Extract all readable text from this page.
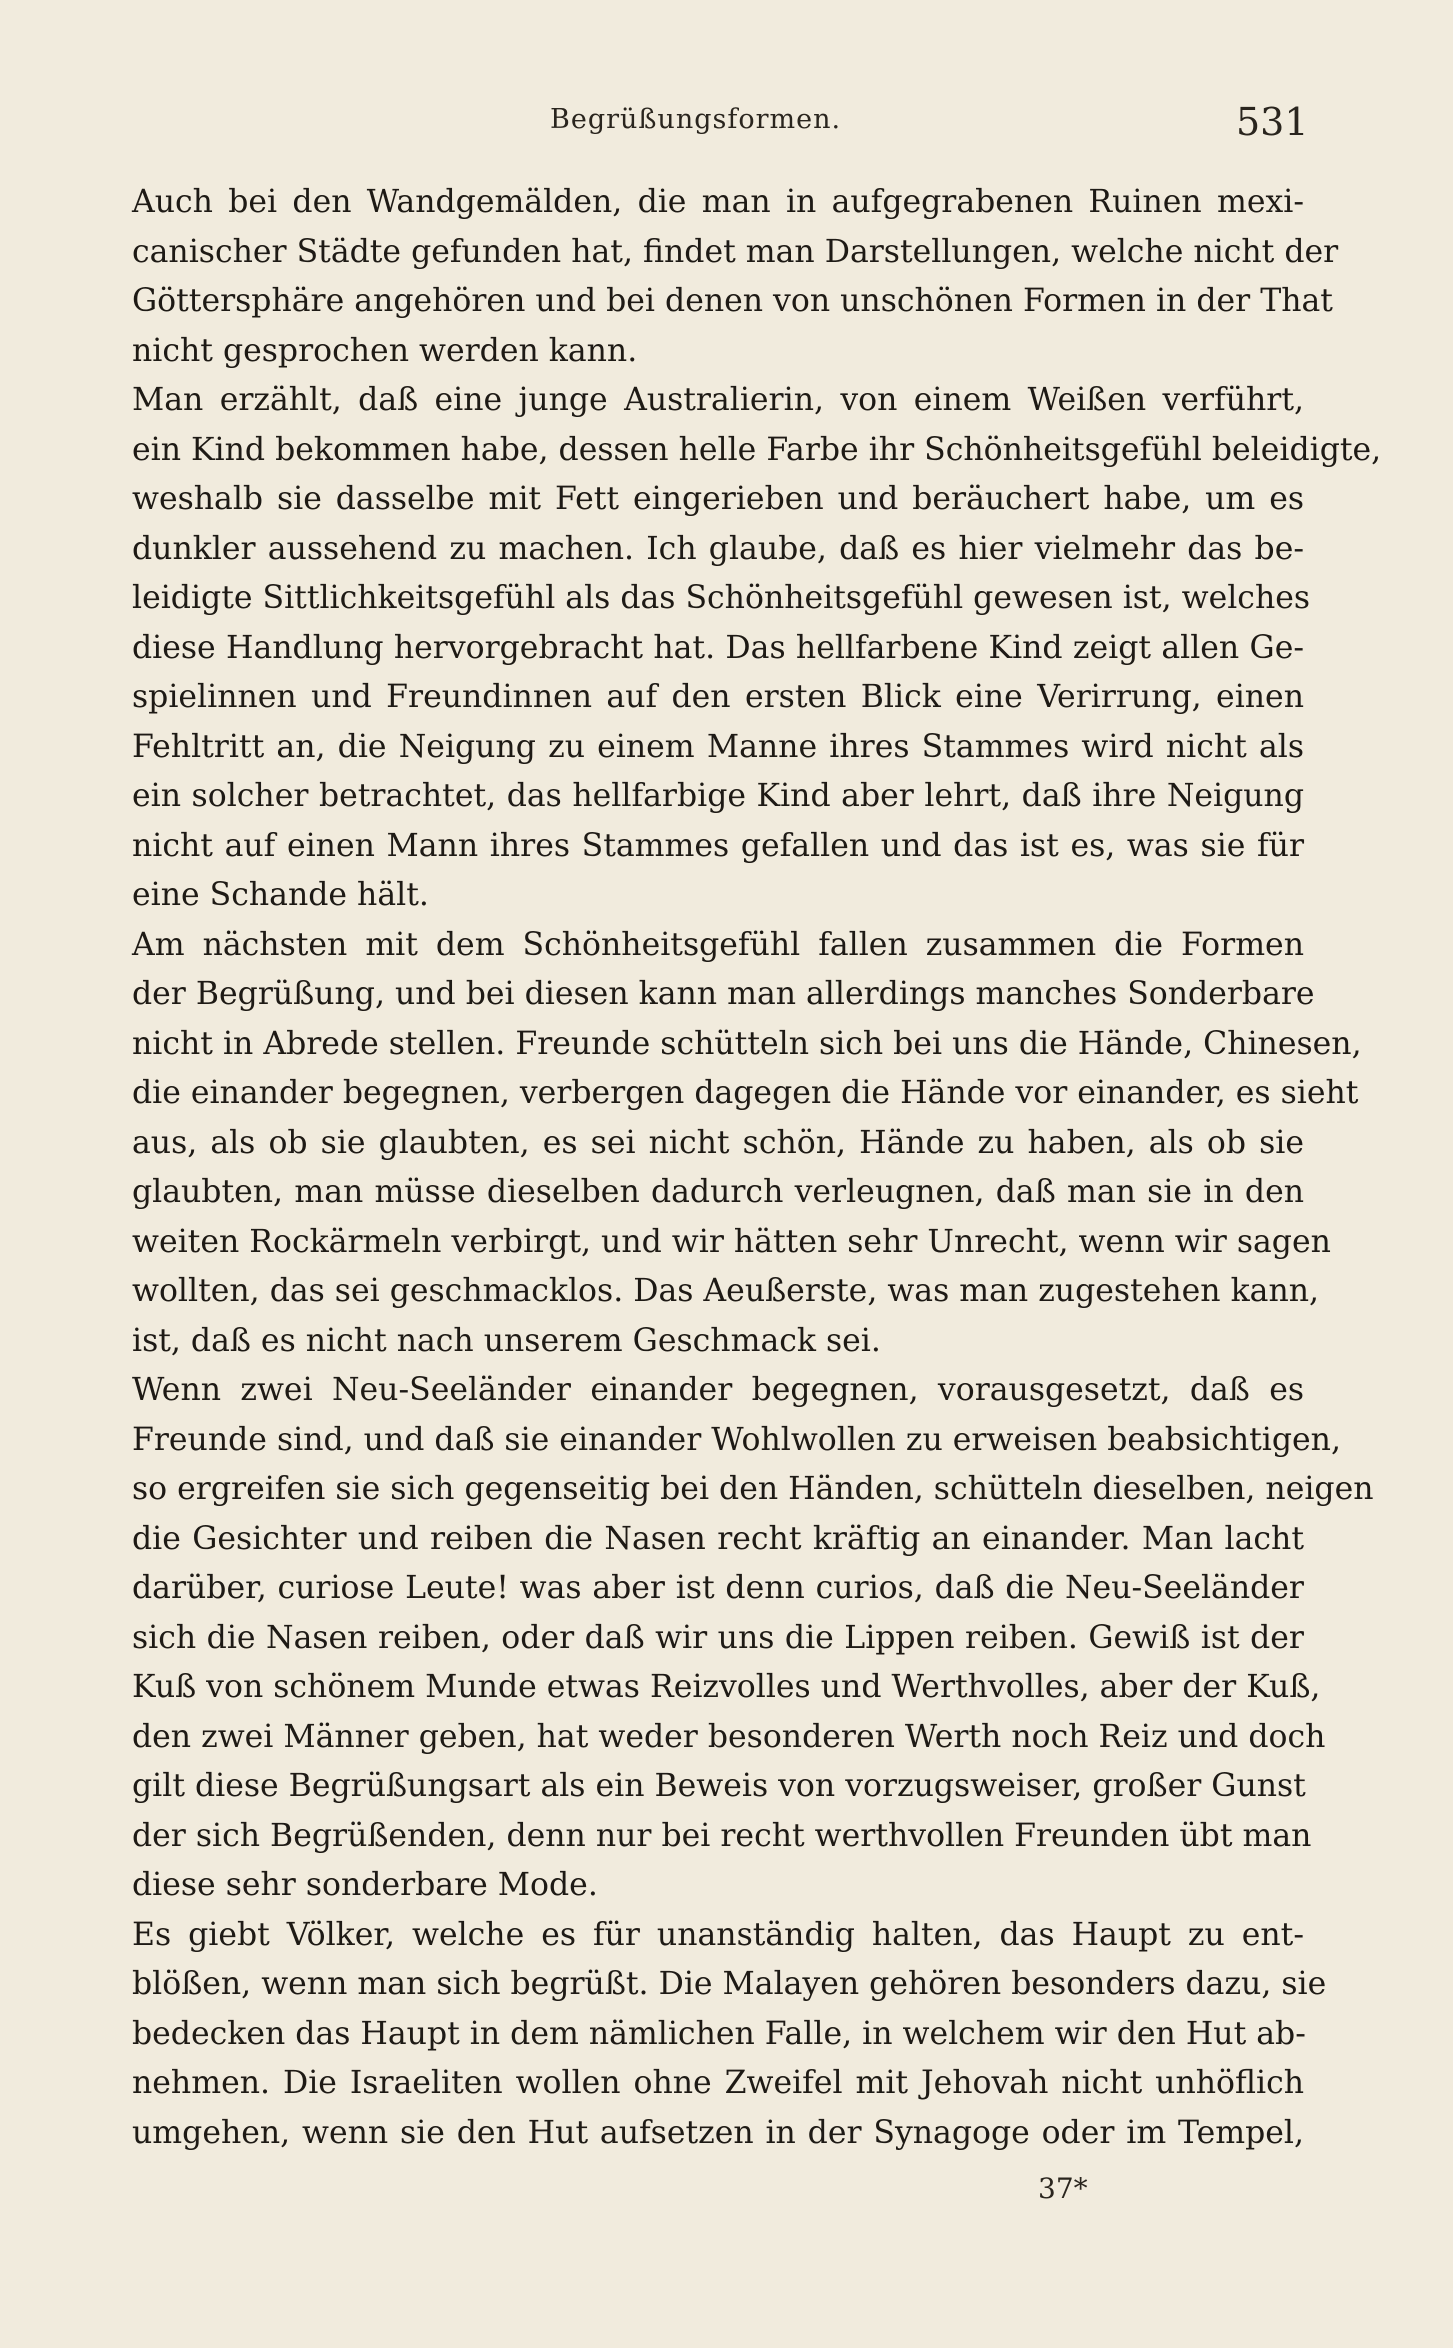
Begrüßungsformen.	531
Auch bei den Wandgemälden, die man in aufgegrabenen Ruinen mexi-
canischer Städte gefunden hat, findet man Darstellungen, welche nicht der
Göttersphäre angehören und bei denen von unschönen Formen in der That
nicht gesprochen werden kann.
Man erzählt, daß eine junge Australierin, von einem Weißen verführt,
ein Kind bekommen habe, dessen helle Farbe ihr Schönheitsgefühl beleidigte,
weshalb sie dasselbe mit Fett eingerieben und beräuchert habe, um es
dunkler aussehend zu machen. Ich glaube, daß es hier vielmehr das be-
leidigte Sittlichkeitsgefühl als das Schönheitsgefühl gewesen ist, welches
diese Handlung hervorgebracht hat. Das hellfarbene Kind zeigt allen Ge-
spielinnen und Freundinnen auf den ersten Blick eine Verirrung, einen
Fehltritt an, die Neigung zu einem Manne ihres Stammes wird nicht als
ein solcher betrachtet, das hellfarbige Kind aber lehrt, daß ihre Neigung
nicht auf einen Mann ihres Stammes gefallen und das ist es, was sie für
eine Schande hält.
Am nächsten mit dem Schönheitsgefühl fallen zusammen die Formen
der Begrüßung, und bei diesen kann man allerdings manches Sonderbare
nicht in Abrede stellen. Freunde schütteln sich bei uns die Hände, Chinesen,
die einander begegnen, verbergen dagegen die Hände vor einander, es sieht
aus, als ob sie glaubten, es sei nicht schön, Hände zu haben, als ob sie
glaubten, man müsse dieselben dadurch verleugnen, daß man sie in den
weiten Rockärmeln verbirgt, und wir hätten sehr Unrecht, wenn wir sagen
wollten, das sei geschmacklos. Das Aeußerste, was man zugestehen kann,
ist, daß es nicht nach unserem Geschmack sei.
Wenn zwei Neu-Seeländer einander begegnen, vorausgesetzt, daß es
Freunde sind, und daß sie einander Wohlwollen zu erweisen beabsichtigen,
so ergreifen sie sich gegenseitig bei den Händen, schütteln dieselben, neigen
die Gesichter und reiben die Nasen recht kräftig an einander. Man lacht
darüber, curiose Leute! was aber ist denn curios, daß die Neu-Seeländer
sich die Nasen reiben, oder daß wir uns die Lippen reiben. Gewiß ist der
Kuß von schönem Munde etwas Reizvolles und Werthvolles, aber der Kuß,
den zwei Männer geben, hat weder besonderen Werth noch Reiz und doch
gilt diese Begrüßungsart als ein Beweis von vorzugsweiser, großer Gunst
der sich Begrüßenden, denn nur bei recht werthvollen Freunden übt man
diese sehr sonderbare Mode.
Es giebt Völker, welche es für unanständig halten, das Haupt zu ent-
blößen, wenn man sich begrüßt. Die Malayen gehören besonders dazu, sie
bedecken das Haupt in dem nämlichen Falle, in welchem wir den Hut ab-
nehmen. Die Israeliten wollen ohne Zweifel mit Jehovah nicht unhöflich
umgehen, wenn sie den Hut aufsetzen in der Synagoge oder im Tempel,
37*
